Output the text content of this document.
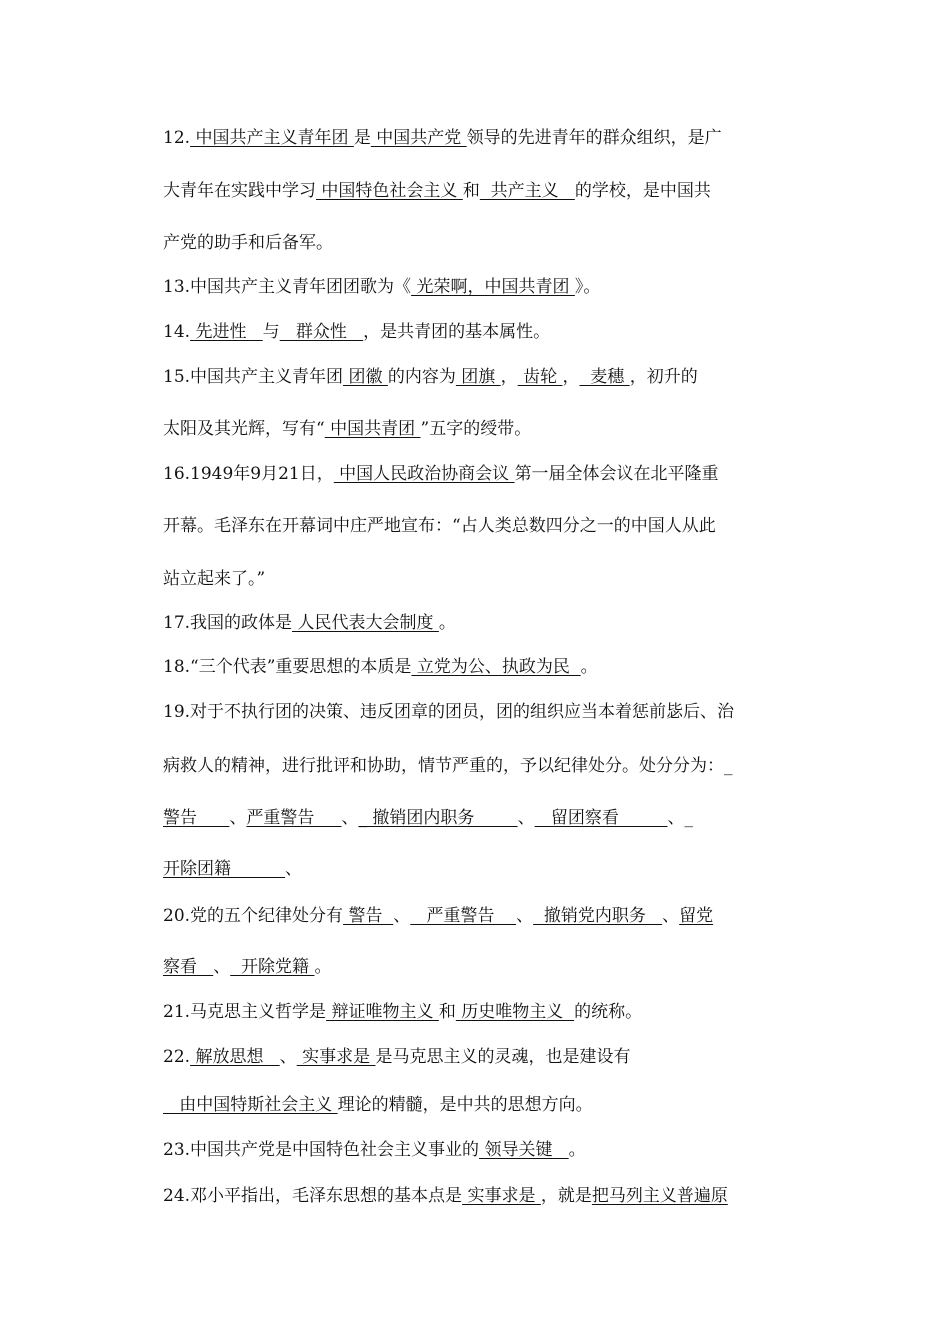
12. 中国共产主义青年团 是 中国共产党 领导的先进青年的群众组织，是广
大青年在实践中学习 中国特色社会主义 和  共产主义   的学校，是中国共
产党的助手和后备军。
13.中国共产主义青年团团歌为《 光荣啊，中国共青团 》。
14. 先进性   与   群众性   ，是共青团的基本属性。
15.中国共产主义青年团 团徽 的内容为 团旗 ， 齿轮 ，  麦穗 ，初升的
太阳及其光辉，写有“ 中国共青团 ”五字的绶带。
16.1949年9月21日， 中国人民政治协商会议 第一届全体会议在北平隆重
开幕。毛泽东在开幕词中庄严地宣布：“占人类总数四分之一的中国人从此
站立起来了。”
17.我国的政体是 人民代表大会制度 。
18.“三个代表”重要思想的本质是 立党为公、执政为民  。
19.对于不执行团的决策、违反团章的团员，团的组织应当本着惩前毖后、治
病救人的精神，进行批评和协助，情节严重的，予以纪律处分。处分分为：_
警告      、严重警告     、_ 撤销团内职务        、   留团察看         、_
开除团籍          、
20.党的五个纪律处分有 警告  、   严重警告    、  撤销党内职务   、留党
察看   、  开除党籍 。
21.马克思主义哲学是 辩证唯物主义 和 历史唯物主义  的统称。
22. 解放思想   、 实事求是 是马克思主义的灵魂，也是建设有
由中国特斯社会主义 理论的精髓，是中共的思想方向。
23.中国共产党是中国特色社会主义事业的 领导关键   。
24.邓小平指出，毛泽东思想的基本点是 实事求是 ，就是把马列主义普遍原
